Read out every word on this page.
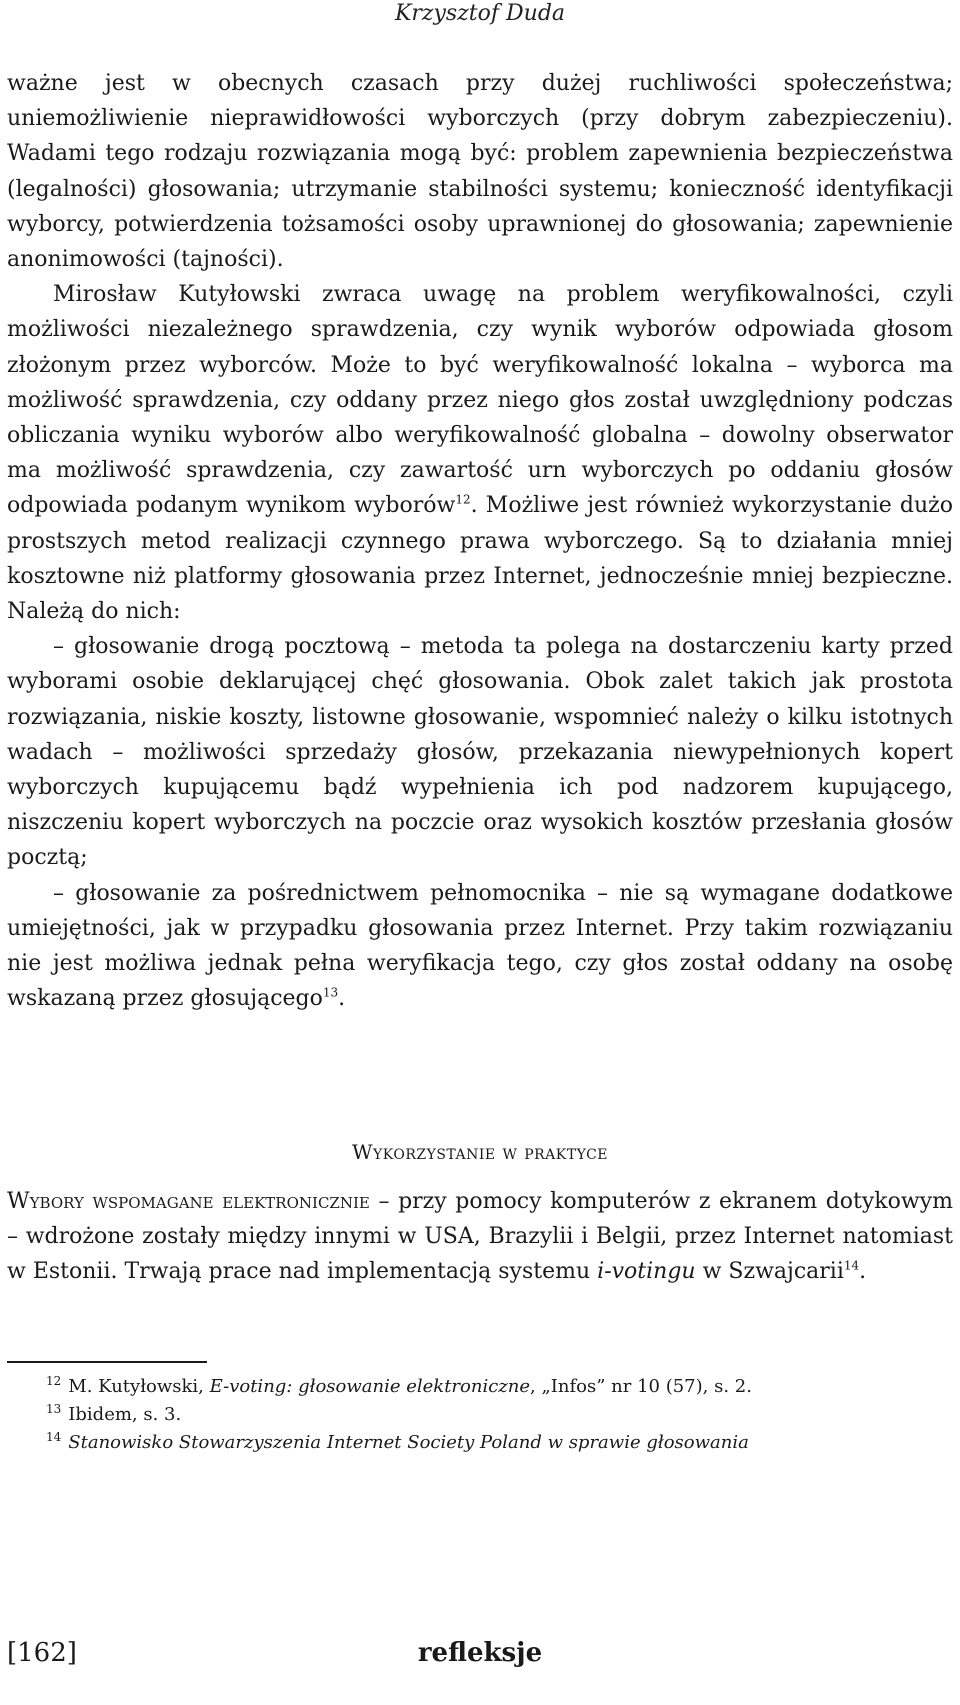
Krzysztof Duda

ważne jest w obecnych czasach przy dużej ruchliwości społeczeństwa; uniemożliwienie nieprawidłowości wyborczych (przy dobrym zabezpieczeniu). Wadami tego rodzaju rozwiązania mogą być: problem zapewnienia bezpieczeństwa (legalności) głosowania; utrzymanie stabilności systemu; konieczność identyfikacji wyborcy, potwierdzenia tożsamości osoby uprawnionej do głosowania; zapewnienie anonimowości (tajności).

Mirosław Kutyłowski zwraca uwagę na problem weryfikowalności, czyli możliwości niezależnego sprawdzenia, czy wynik wyborów odpowiada głosom złożonym przez wyborców. Może to być weryfikowalność lokalna – wyborca ma możliwość sprawdzenia, czy oddany przez niego głos został uwzględniony podczas obliczania wyniku wyborów albo weryfikowalność globalna – dowolny obserwator ma możliwość sprawdzenia, czy zawartość urn wyborczych po oddaniu głosów odpowiada podanym wynikom wyborów$^{12}$. Możliwe jest również wykorzystanie dużo prostszych metod realizacji czynnego prawa wyborczego. Są to działania mniej kosztowne niż platformy głosowania przez Internet, jednocześnie mniej bezpieczne. Należą do nich:

– głosowanie drogą pocztową – metoda ta polega na dostarczeniu karty przed wyborami osobie deklarującej chęć głosowania. Obok zalet takich jak prostota rozwiązania, niskie koszty, listowne głosowanie, wspomnieć należy o kilku istotnych wadach – możliwości sprzedaży głosów, przekazania niewypełnionych kopert wyborczych kupującemu bądź wypełnienia ich pod nadzorem kupującego, niszczeniu kopert wyborczych na poczcie oraz wysokich kosztów przesłania głosów pocztą;

– głosowanie za pośrednictwem pełnomocnika – nie są wymagane dodatkowe umiejętności, jak w przypadku głosowania przez Internet. Przy takim rozwiązaniu nie jest możliwa jednak pełna weryfikacja tego, czy głos został oddany na osobę wskazaną przez głosującego$^{13}$.

Wykorzystanie w praktyce

Wybory wspomagane elektronicznie – przy pomocy komputerów z ekranem dotykowym – wdrożone zostały między innymi w USA, Brazylii i Belgii, przez Internet natomiast w Estonii. Trwają prace nad implementacją systemu i-votingu w Szwajcarii$^{14}$.

$^{12}$ M. Kutyłowski, E-voting: głosowanie elektroniczne, „Infos” nr 10 (57), s. 2.

$^{13}$ Ibidem, s. 3.

$^{14}$ Stanowisko Stowarzyszenia Internet Society Poland w sprawie głosowania

[162]	refleksje
